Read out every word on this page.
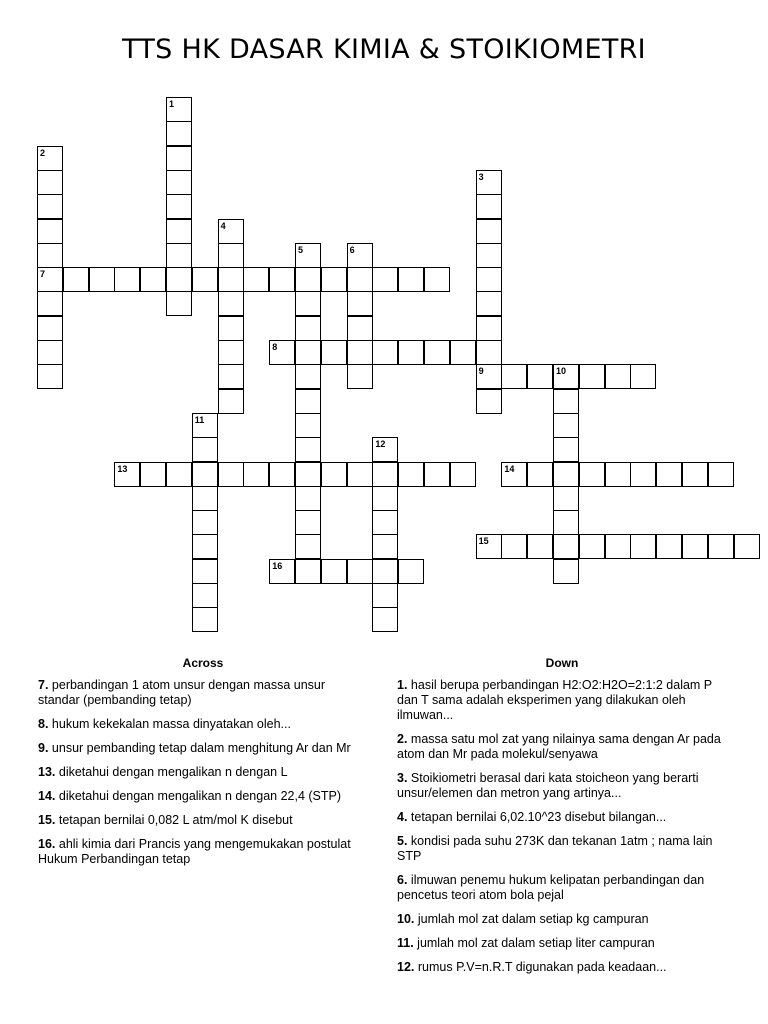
TTS HK DASAR KIMIA & STOIKIOMETRI
1
2
7
3
9
4
5	6
8
10
11
12
13	14
15
16
Across
7. perbandingan 1 atom unsur dengan massa unsur standar (pembanding tetap)
8. hukum kekekalan massa dinyatakan oleh...
9. unsur pembanding tetap dalam menghitung Ar dan Mr
13. diketahui dengan mengalikan n dengan L
14. diketahui dengan mengalikan n dengan 22,4 (STP)
15. tetapan bernilai 0,082 L atm/mol K disebut
16. ahli kimia dari Prancis yang mengemukakan postulat Hukum Perbandingan tetap
Down
1. hasil berupa perbandingan H2:O2:H2O=2:1:2 dalam P dan T sama adalah eksperimen yang dilakukan oleh ilmuwan...
2. massa satu mol zat yang nilainya sama dengan Ar pada atom dan Mr pada molekul/senyawa
3. Stoikiometri berasal dari kata stoicheon yang berarti unsur/elemen dan metron yang artinya...
4. tetapan bernilai 6,02.10^23 disebut bilangan...
5. kondisi pada suhu 273K dan tekanan 1atm ; nama lain STP
6. ilmuwan penemu hukum kelipatan perbandingan dan pencetus teori atom bola pejal
10. jumlah mol zat dalam setiap kg campuran
11. jumlah mol zat dalam setiap liter campuran
12. rumus P.V=n.R.T digunakan pada keadaan...
